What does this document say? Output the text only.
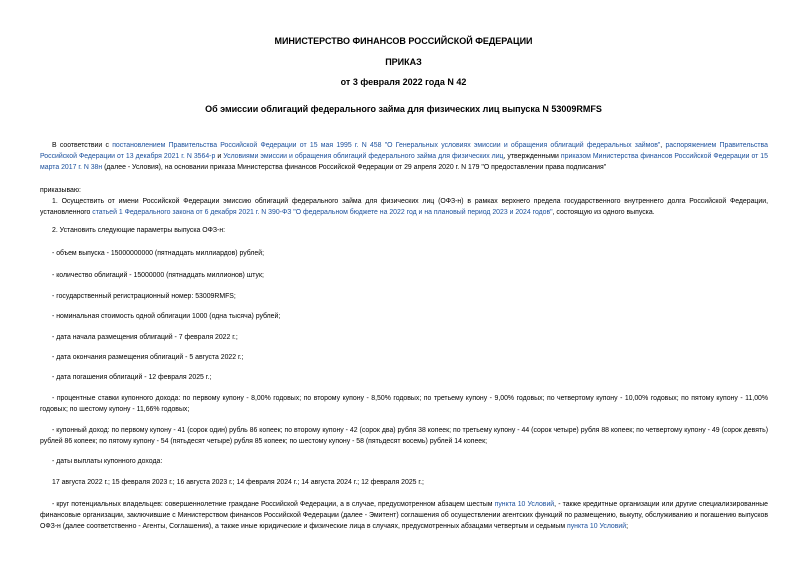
МИНИСТЕРСТВО ФИНАНСОВ РОССИЙСКОЙ ФЕДЕРАЦИИ
ПРИКАЗ
от 3 февраля 2022 года N 42
Об эмиссии облигаций федерального займа для физических лиц выпуска N 53009RMFS

В соответствии с постановлением Правительства Российской Федерации от 15 мая 1995 г. N 458 "О Генеральных условиях эмиссии и обращения облигаций федеральных займов", распоряжением Правительства Российской Федерации от 13 декабря 2021 г. N 3564-р и Условиями эмиссии и обращения облигаций федерального займа для физических лиц, утвержденными приказом Министерства финансов Российской Федерации от 15 марта 2017 г. N 38н (далее - Условия), на основании приказа Министерства финансов Российской Федерации от 29 апреля 2020 г. N 179 "О предоставлении права подписания"

приказываю:

1. Осуществить от имени Российской Федерации эмиссию облигаций федерального займа для физических лиц (ОФЗ-н) в рамках верхнего предела государственного внутреннего долга Российской Федерации, установленного статьей 1 Федерального закона от 6 декабря 2021 г. N 390-ФЗ "О федеральном бюджете на 2022 год и на плановый период 2023 и 2024 годов", состоящую из одного выпуска.

2. Установить следующие параметры выпуска ОФЗ-н:

- объем выпуска - 15000000000 (пятнадцать миллиардов) рублей;

- количество облигаций - 15000000 (пятнадцать миллионов) штук;

- государственный регистрационный номер: 53009RMFS;

- номинальная стоимость одной облигации 1000 (одна тысяча) рублей;

- дата начала размещения облигаций - 7 февраля 2022 г.;

- дата окончания размещения облигаций - 5 августа 2022 г.;

- дата погашения облигаций - 12 февраля 2025 г.;

- процентные ставки купонного дохода: по первому купону - 8,00% годовых; по второму купону - 8,50% годовых; по третьему купону - 9,00% годовых; по четвертому купону - 10,00% годовых; по пятому купону - 11,00% годовых; по шестому купону - 11,66% годовых;

- купонный доход: по первому купону - 41 (сорок один) рубль 86 копеек; по второму купону - 42 (сорок два) рубля 38 копеек; по третьему купону - 44 (сорок четыре) рубля 88 копеек; по четвертому купону - 49 (сорок девять) рублей 86 копеек; по пятому купону - 54 (пятьдесят четыре) рубля 85 копеек; по шестому купону - 58 (пятьдесят восемь) рублей 14 копеек;

- даты выплаты купонного дохода:

17 августа 2022 г.; 15 февраля 2023 г.; 16 августа 2023 г.; 14 февраля 2024 г.; 14 августа 2024 г.; 12 февраля 2025 г.;

- круг потенциальных владельцев: совершеннолетние граждане Российской Федерации, а в случае, предусмотренном абзацем шестым пункта 10 Условий, - также кредитные организации или другие специализированные финансовые организации, заключившие с Министерством финансов Российской Федерации (далее - Эмитент) соглашения об осуществлении агентских функций по размещению, выкупу, обслуживанию и погашению выпусков ОФЗ-н (далее соответственно - Агенты, Соглашения), а также иные юридические и физические лица в случаях, предусмотренных абзацами четвертым и седьмым пункта 10 Условий;
